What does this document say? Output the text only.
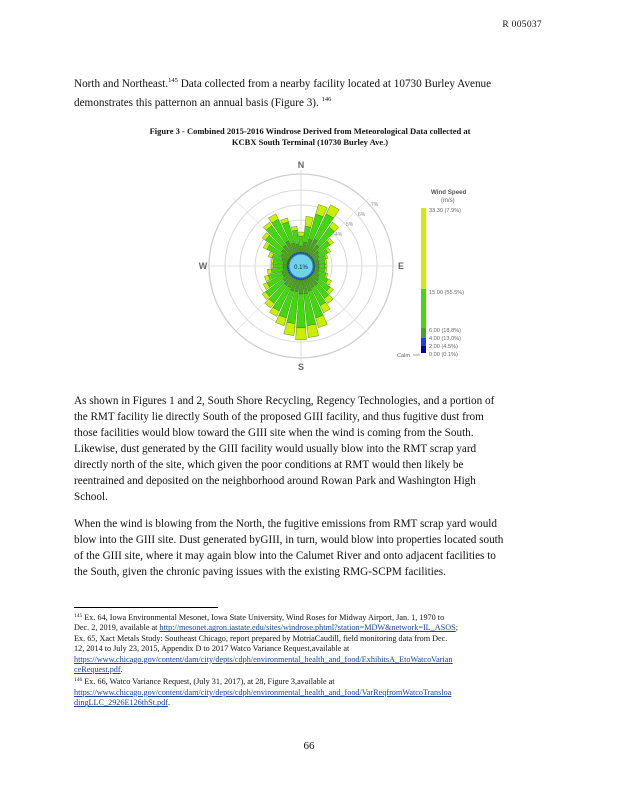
R 005037
North and Northeast.$^{145}$ Data collected from a nearby facility located at 10730 Burley Avenue
demonstrates this patternon an annual basis (Figure 3). $^{146}$
Figure 3 - Combined 2015-2016 Windrose Derived from Meteorological Data collected at
KCBX South Terminal (10730 Burley Ave.)
0.1%
7%
6%
5%
4%
N
S
E
W
Wind Speed
(m/s)
33.30 (7.9%)
15.00 (55.5%)
6.00 (18.8%)
4.00 (13.0%)
2.00 (4.5%)
0.00 (0.1%)
Calm
As shown in Figures 1 and 2, South Shore Recycling, Regency Technologies, and a portion of
the RMT facility lie directly South of the proposed GIII facility, and thus fugitive dust from
those facilities would blow toward the GIII site when the wind is coming from the South.
Likewise, dust generated by the GIII facility would usually blow into the RMT scrap yard
directly north of the site, which given the poor conditions at RMT would then likely be
reentrained and deposited on the neighborhood around Rowan Park and Washington High
School.
When the wind is blowing from the North, the fugitive emissions from RMT scrap yard would
blow into the GIII site. Dust generated byGIII, in turn, would blow into properties located south
of the GIII site, where it may again blow into the Calumet River and onto adjacent facilities to
the South, given the chronic paving issues with the existing RMG-SCPM facilities.
$^{145}$ Ex. 64, Iowa Environmental Mesonet, Iowa State University, Wind Roses for Midway Airport, Jan. 1, 1970 to
Dec. 2, 2019, available at http://mesonet.agron.iastate.edu/sites/windrose.phtml?station=MDW&network=IL_ASOS;
Ex. 65, Xact Metals Study: Southeast Chicago, report prepared by MotriaCaudill, field monitoring data from Dec.
12, 2014 to July 23, 2015, Appendix D to 2017 Watco Variance Request,available at
https://www.chicago.gov/content/dam/city/depts/cdph/environmental_health_and_food/ExhibitsA_EtoWatcoVarian
ceRequest.pdf.
$^{146}$ Ex. 66, Watco Variance Request, (July 31, 2017), at 28, Figure 3,available at
https://www.chicago.gov/content/dam/city/depts/cdph/environmental_health_and_food/VarReqfromWatcoTransloa
dingLLC_2926E126thSt.pdf.
66
